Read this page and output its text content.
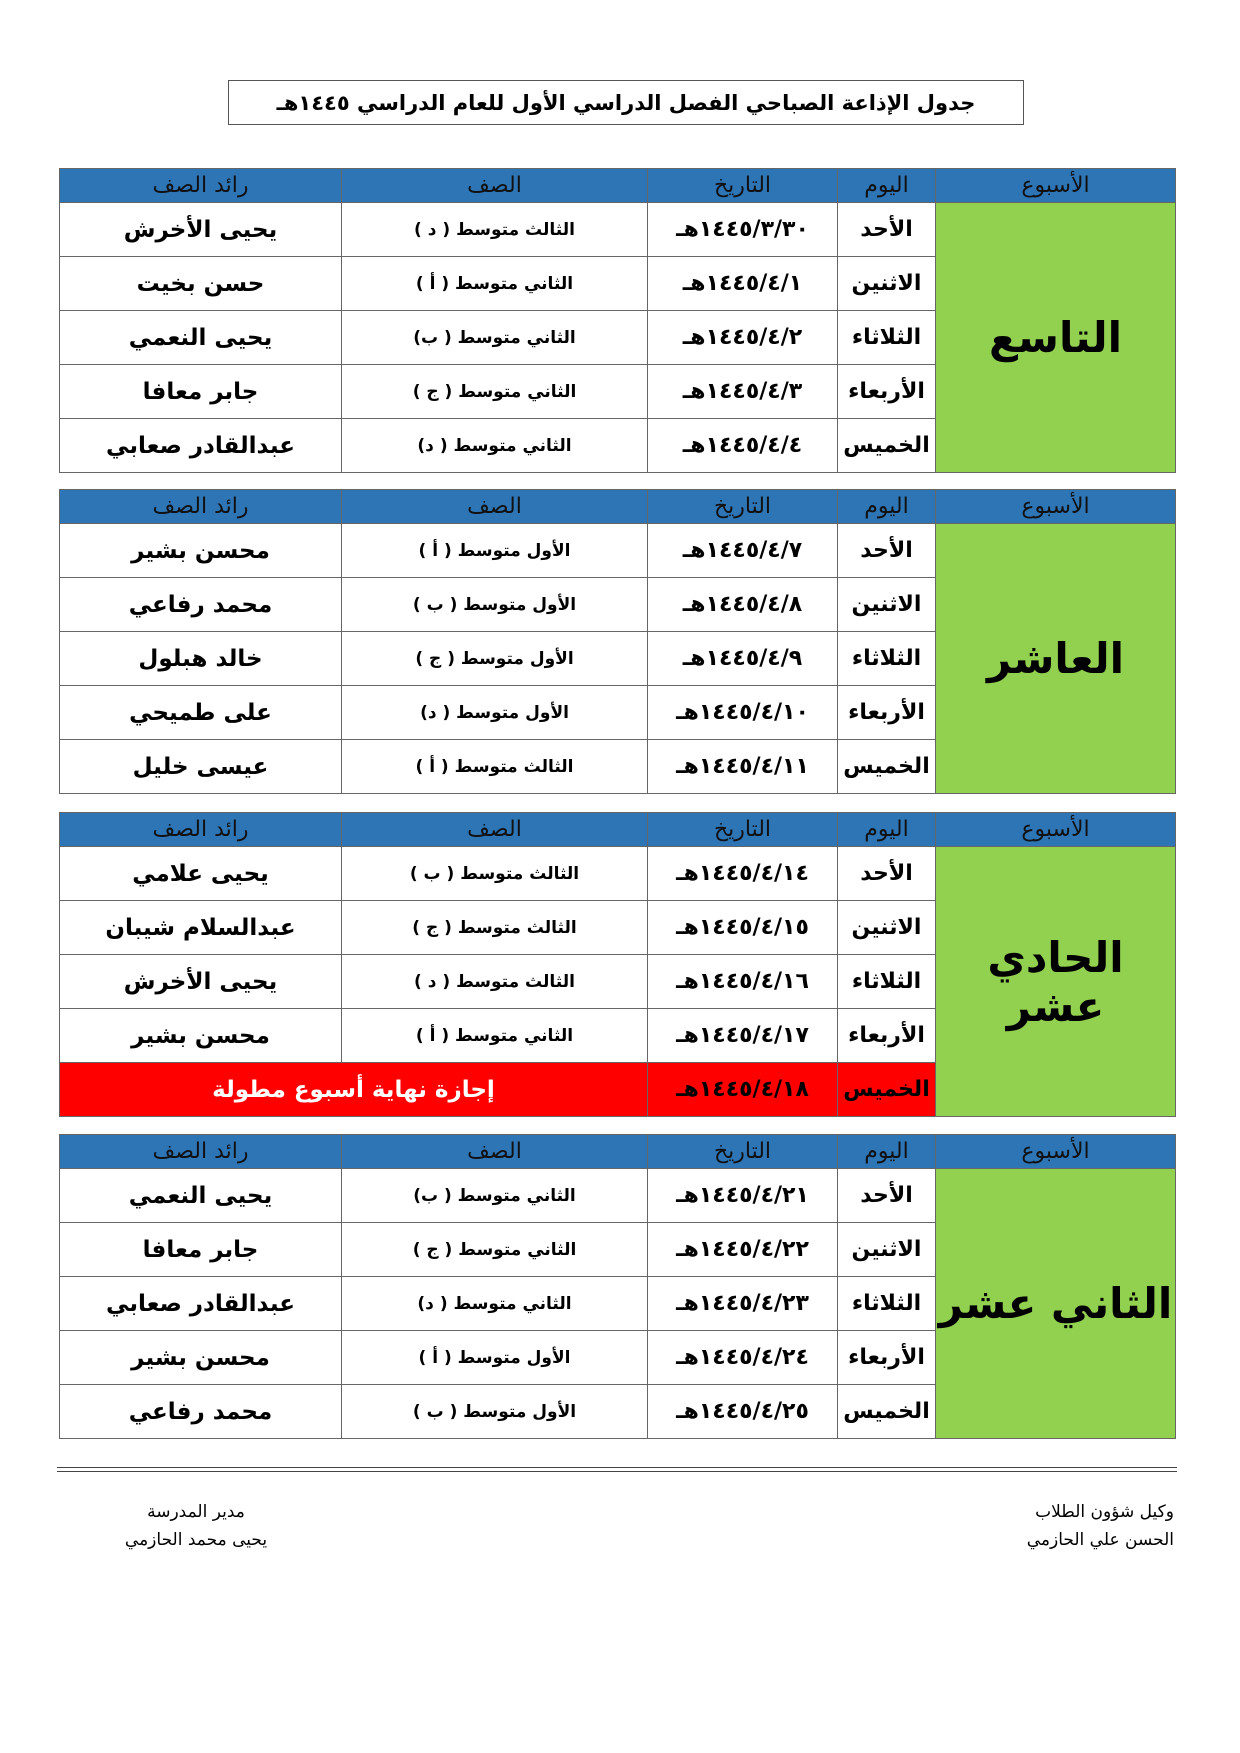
جدول الإذاعة الصباحي الفصل الدراسي الأول للعام الدراسي ١٤٤٥هـ
الأسبوع	اليوم	التاريخ	الصف	رائد الصف
التاسع	الأحد	١٤٤٥/٣/٣٠هـ	الثالث متوسط ( د )	يحيى الأخرش
	الاثنين	١٤٤٥/٤/١هـ	الثاني متوسط ( أ )	حسن بخيت
	الثلاثاء	١٤٤٥/٤/٢هـ	الثاني متوسط ( ب)	يحيى النعمي
	الأربعاء	١٤٤٥/٤/٣هـ	الثاني متوسط ( ج )	جابر معافا
	الخميس	١٤٤٥/٤/٤هـ	الثاني متوسط ( د)	عبدالقادر صعابي
الأسبوع	اليوم	التاريخ	الصف	رائد الصف
العاشر	الأحد	١٤٤٥/٤/٧هـ	الأول متوسط ( أ )	محسن بشير
	الاثنين	١٤٤٥/٤/٨هـ	الأول متوسط ( ب )	محمد رفاعي
	الثلاثاء	١٤٤٥/٤/٩هـ	الأول متوسط ( ج )	خالد هبلول
	الأربعاء	١٤٤٥/٤/١٠هـ	الأول متوسط ( د)	على طميحي
	الخميس	١٤٤٥/٤/١١هـ	الثالث متوسط ( أ )	عيسى خليل
الأسبوع	اليوم	التاريخ	الصف	رائد الصف
الحادي عشر	الأحد	١٤٤٥/٤/١٤هـ	الثالث متوسط ( ب )	يحيى علامي
	الاثنين	١٤٤٥/٤/١٥هـ	الثالث متوسط ( ج )	عبدالسلام شيبان
	الثلاثاء	١٤٤٥/٤/١٦هـ	الثالث متوسط ( د )	يحيى الأخرش
	الأربعاء	١٤٤٥/٤/١٧هـ	الثاني متوسط ( أ )	محسن بشير
	الخميس	١٤٤٥/٤/١٨هـ	إجازة نهاية أسبوع مطولة	
الأسبوع	اليوم	التاريخ	الصف	رائد الصف
الثاني عشر	الأحد	١٤٤٥/٤/٢١هـ	الثاني متوسط ( ب)	يحيى النعمي
	الاثنين	١٤٤٥/٤/٢٢هـ	الثاني متوسط ( ج )	جابر معافا
	الثلاثاء	١٤٤٥/٤/٢٣هـ	الثاني متوسط ( د)	عبدالقادر صعابي
	الأربعاء	١٤٤٥/٤/٢٤هـ	الأول متوسط ( أ )	محسن بشير
	الخميس	١٤٤٥/٤/٢٥هـ	الأول متوسط ( ب )	محمد رفاعي
وكيل شؤون الطلاب
الحسن علي الحازمي
مدير المدرسة
يحيى محمد الحازمي
